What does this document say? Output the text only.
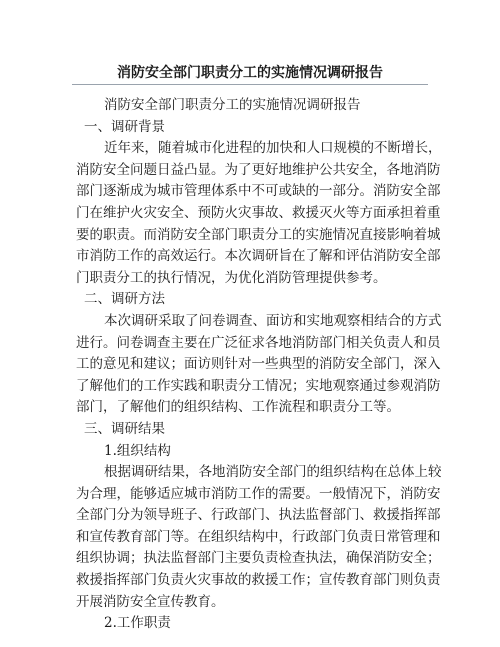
消防安全部门职责分工的实施情况调研报告

消防安全部门职责分工的实施情况调研报告

一、调研背景

近年来，随着城市化进程的加快和人口规模的不断增长，

消防安全问题日益凸显。为了更好地维护公共安全，各地消防

部门逐渐成为城市管理体系中不可或缺的一部分。消防安全部

门在维护火灾安全、预防火灾事故、救援灭火等方面承担着重

要的职责。而消防安全部门职责分工的实施情况直接影响着城

市消防工作的高效运行。本次调研旨在了解和评估消防安全部

门职责分工的执行情况，为优化消防管理提供参考。

二、调研方法

本次调研采取了问卷调查、面访和实地观察相结合的方式

进行。问卷调查主要在广泛征求各地消防部门相关负责人和员

工的意见和建议；面访则针对一些典型的消防安全部门，深入

了解他们的工作实践和职责分工情况；实地观察通过参观消防

部门，了解他们的组织结构、工作流程和职责分工等。

三、调研结果

1.组织结构

根据调研结果，各地消防安全部门的组织结构在总体上较

为合理，能够适应城市消防工作的需要。一般情况下，消防安

全部门分为领导班子、行政部门、执法监督部门、救援指挥部

和宣传教育部门等。在组织结构中，行政部门负责日常管理和

组织协调；执法监督部门主要负责检查执法，确保消防安全；

救援指挥部门负责火灾事故的救援工作；宣传教育部门则负责

开展消防安全宣传教育。

2.工作职责
